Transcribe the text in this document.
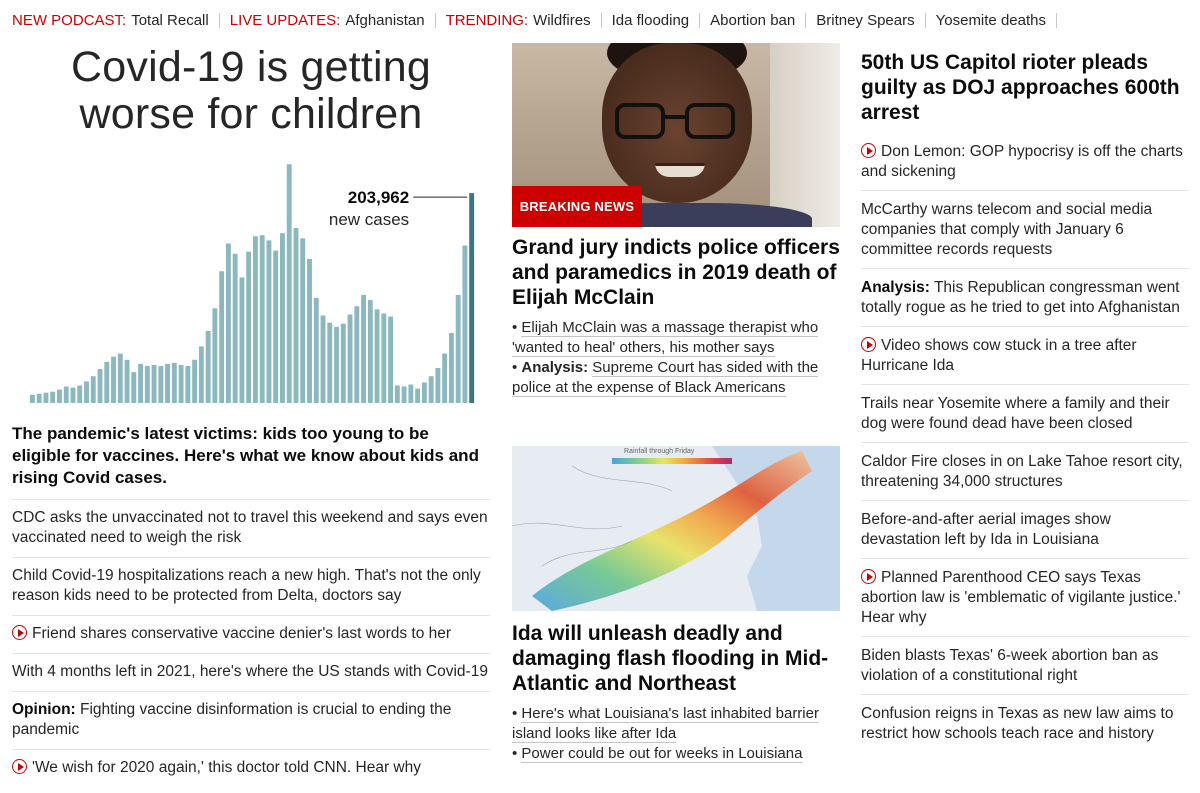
NEW PODCAST: Total Recall LIVE UPDATES: Afghanistan TRENDING: Wildfires Ida flooding Abortion ban Britney Spears Yosemite deaths
Covid-19 is getting
worse for children
203,962
new cases
The pandemic's latest victims: kids too young to be eligible for vaccines. Here's what we know about kids and rising Covid cases.
CDC asks the unvaccinated not to travel this weekend and says even vaccinated need to weigh the risk
Child Covid-19 hospitalizations reach a new high. That's not the only reason kids need to be protected from Delta, doctors say
Friend shares conservative vaccine denier's last words to her
With 4 months left in 2021, here's where the US stands with Covid-19
Opinion: Fighting vaccine disinformation is crucial to ending the pandemic
'We wish for 2020 again,' this doctor told CNN. Hear why
BREAKING NEWS
Grand jury indicts police officers and paramedics in 2019 death of Elijah McClain
• Elijah McClain was a massage therapist who 'wanted to heal' others, his mother says
• Analysis: Supreme Court has sided with the police at the expense of Black Americans
Rainfall through Friday
Ida will unleash deadly and damaging flash flooding in Mid-Atlantic and Northeast
• Here's what Louisiana's last inhabited barrier island looks like after Ida
• Power could be out for weeks in Louisiana
50th US Capitol rioter pleads guilty as DOJ approaches 600th arrest
Don Lemon: GOP hypocrisy is off the charts and sickening
McCarthy warns telecom and social media companies that comply with January 6 committee records requests
Analysis: This Republican congressman went totally rogue as he tried to get into Afghanistan
Video shows cow stuck in a tree after Hurricane Ida
Trails near Yosemite where a family and their dog were found dead have been closed
Caldor Fire closes in on Lake Tahoe resort city, threatening 34,000 structures
Before-and-after aerial images show devastation left by Ida in Louisiana
Planned Parenthood CEO says Texas abortion law is 'emblematic of vigilante justice.' Hear why
Biden blasts Texas' 6-week abortion ban as violation of a constitutional right
Confusion reigns in Texas as new law aims to restrict how schools teach race and history
